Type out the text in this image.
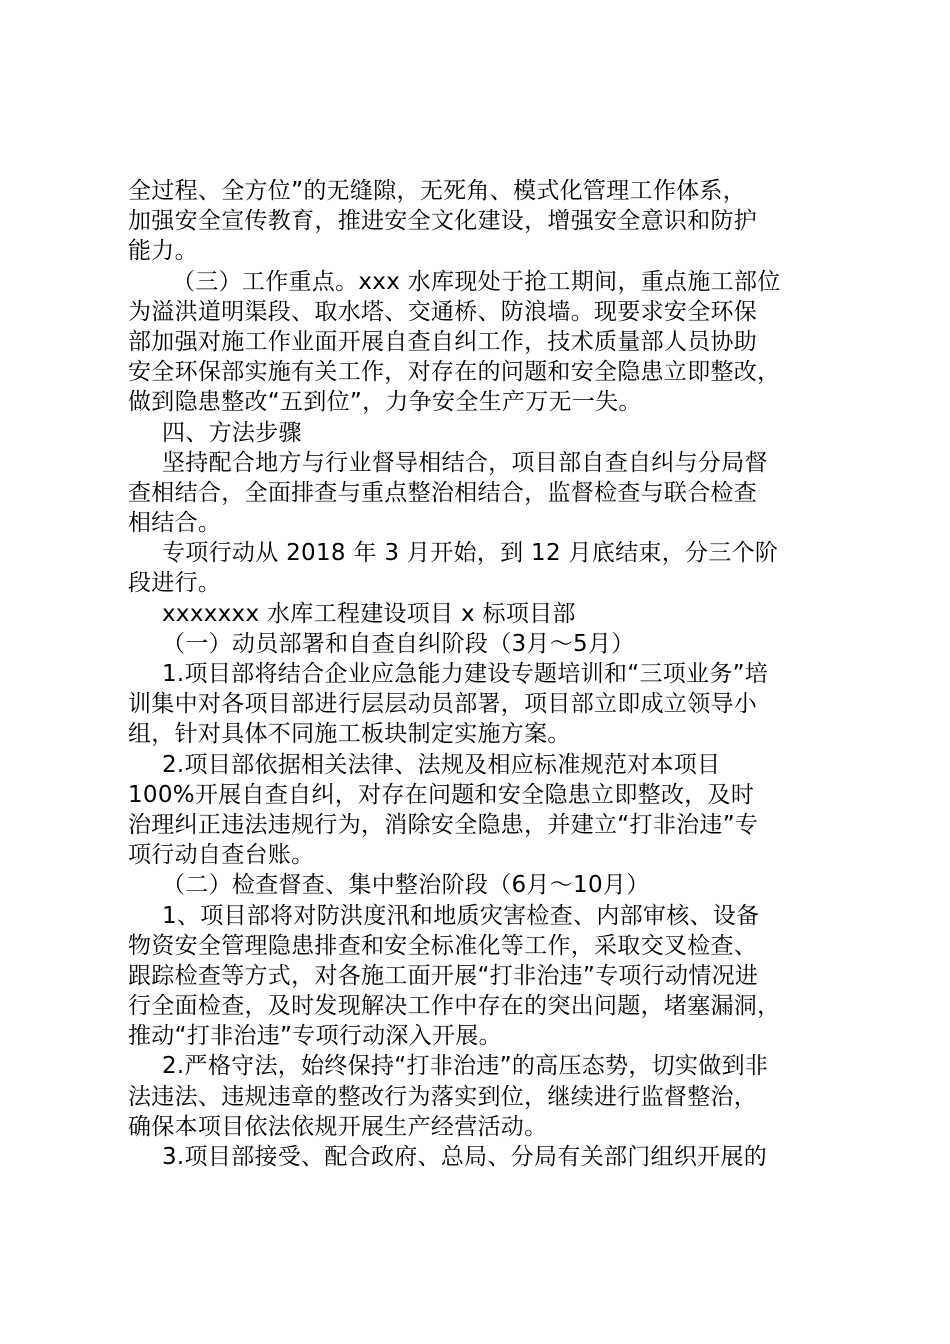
全过程、全方位”的无缝隙，无死角、模式化管理工作体系，
加强安全宣传教育，推进安全文化建设，增强安全意识和防护
能力。
（三）工作重点。xxx 水库现处于抢工期间，重点施工部位
为溢洪道明渠段、取水塔、交通桥、防浪墙。现要求安全环保
部加强对施工作业面开展自查自纠工作，技术质量部人员协助
安全环保部实施有关工作，对存在的问题和安全隐患立即整改，
做到隐患整改“五到位”，力争安全生产万无一失。
四、方法步骤
坚持配合地方与行业督导相结合，项目部自查自纠与分局督
查相结合，全面排查与重点整治相结合，监督检查与联合检查
相结合。
专项行动从 2018 年 3 月开始，到 12 月底结束，分三个阶
段进行。
xxxxxxx 水库工程建设项目 x 标项目部
（一）动员部署和自查自纠阶段（3月～5月）
1.项目部将结合企业应急能力建设专题培训和“三项业务”培
训集中对各项目部进行层层动员部署，项目部立即成立领导小
组，针对具体不同施工板块制定实施方案。
2.项目部依据相关法律、法规及相应标准规范对本项目
100%开展自查自纠，对存在问题和安全隐患立即整改，及时
治理纠正违法违规行为，消除安全隐患，并建立“打非治违”专
项行动自查台账。
（二）检查督查、集中整治阶段（6月～10月）
1、项目部将对防洪度汛和地质灾害检查、内部审核、设备
物资安全管理隐患排查和安全标准化等工作，采取交叉检查、
跟踪检查等方式，对各施工面开展“打非治违”专项行动情况进
行全面检查，及时发现解决工作中存在的突出问题，堵塞漏洞，
推动“打非治违”专项行动深入开展。
2.严格守法，始终保持“打非治违”的高压态势，切实做到非
法违法、违规违章的整改行为落实到位，继续进行监督整治，
确保本项目依法依规开展生产经营活动。
3.项目部接受、配合政府、总局、分局有关部门组织开展的
